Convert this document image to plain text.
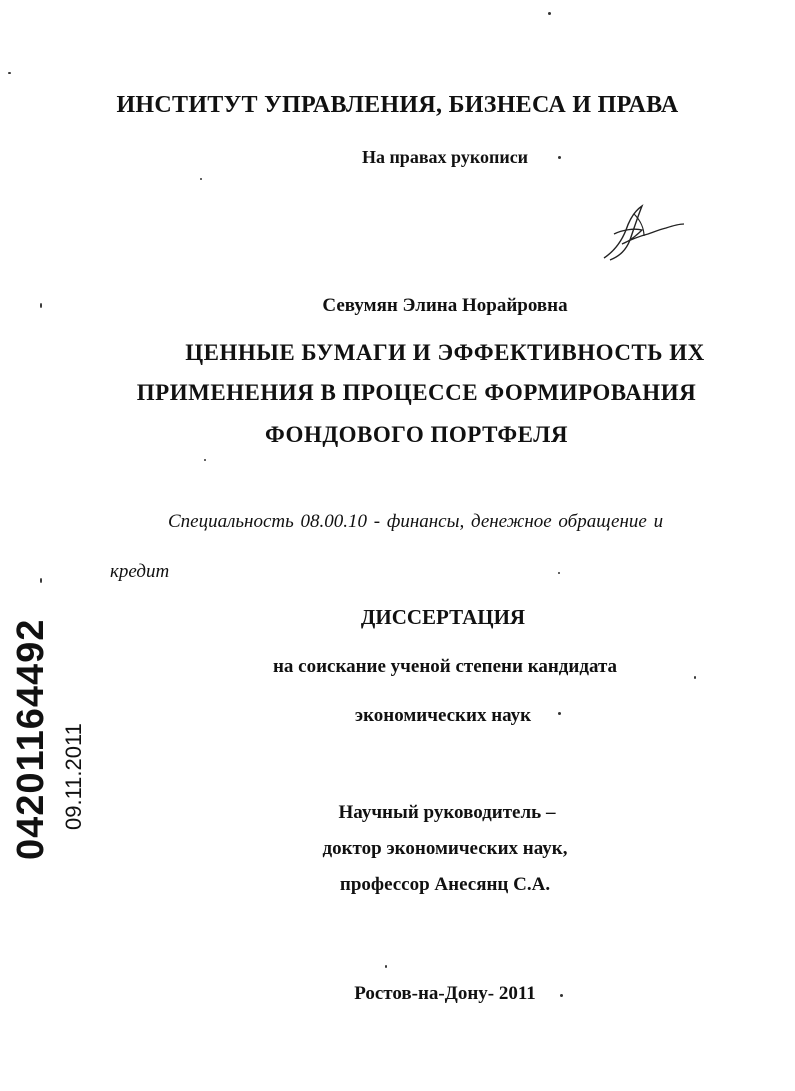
ИНСТИТУТ УПРАВЛЕНИЯ, БИЗНЕСА И ПРАВА
На правах рукописи
Севумян Элина Норайровна
ЦЕННЫЕ БУМАГИ И ЭФФЕКТИВНОСТЬ ИХ
ПРИМЕНЕНИЯ В ПРОЦЕССЕ ФОРМИРОВАНИЯ
ФОНДОВОГО ПОРТФЕЛЯ
Специальность 08.00.10 - финансы, денежное обращение и
кредит
ДИССЕРТАЦИЯ
на соискание ученой степени кандидата
экономических наук
Научный руководитель –
доктор экономических наук,
профессор Анесянц С.А.
Ростов-на-Дону- 2011
04201164492 09.11.2011
